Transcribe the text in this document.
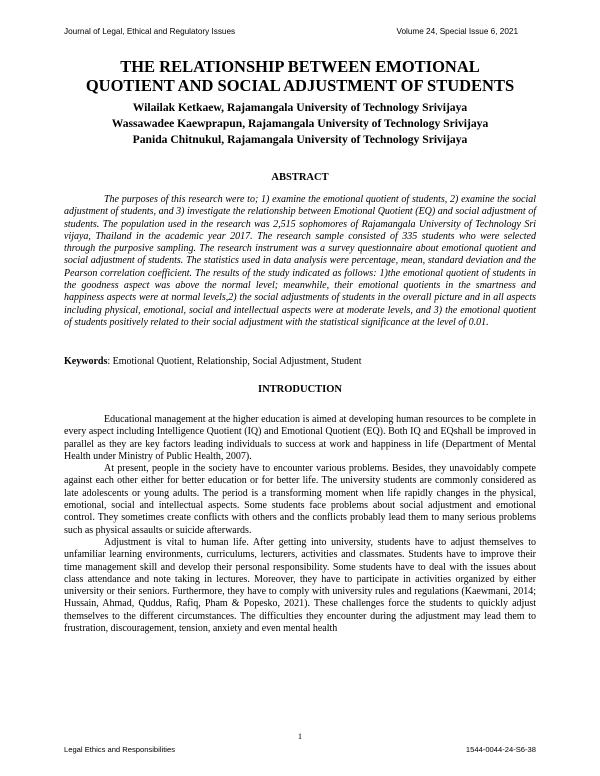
Journal of Legal, Ethical and Regulatory Issues	Volume 24, Special Issue 6, 2021
THE RELATIONSHIP BETWEEN EMOTIONAL
QUOTIENT AND SOCIAL ADJUSTMENT OF STUDENTS
Wilailak Ketkaew, Rajamangala University of Technology Srivijaya
Wassawadee Kaewprapun, Rajamangala University of Technology Srivijaya
Panida Chitnukul, Rajamangala University of Technology Srivijaya
ABSTRACT

The purposes of this research were to; 1) examine the emotional quotient of students, 2) examine the social adjustment of students, and 3) investigate the relationship between Emotional Quotient (EQ) and social adjustment of students. The population used in the research was 2,515 sophomores of Rajamangala University of Technology Sri vijaya, Thailand in the academic year 2017. The research sample consisted of 335 students who were selected through the purposive sampling. The research instrument was a survey questionnaire about emotional quotient and social adjustment of students. The statistics used in data analysis were percentage, mean, standard deviation and the Pearson correlation coefficient. The results of the study indicated as follows: 1)the emotional quotient of students in the goodness aspect was above the normal level; meanwhile, their emotional quotients in the smartness and happiness aspects were at normal levels,2) the social adjustments of students in the overall picture and in all aspects including physical, emotional, social and intellectual aspects were at moderate levels, and 3) the emotional quotient of students positively related to their social adjustment with the statistical significance at the level of 0.01.

Keywords: Emotional Quotient, Relationship, Social Adjustment, Student

INTRODUCTION

Educational management at the higher education is aimed at developing human resources to be complete in every aspect including Intelligence Quotient (IQ) and Emotional Quotient (EQ). Both IQ and EQshall be improved in parallel as they are key factors leading individuals to success at work and happiness in life (Department of Mental Health under Ministry of Public Health, 2007).

At present, people in the society have to encounter various problems. Besides, they unavoidably compete against each other either for better education or for better life. The university students are commonly considered as late adolescents or young adults. The period is a transforming moment when life rapidly changes in the physical, emotional, social and intellectual aspects. Some students face problems about social adjustment and emotional control. They sometimes create conflicts with others and the conflicts probably lead them to many serious problems such as physical assaults or suicide afterwards.

Adjustment is vital to human life. After getting into university, students have to adjust themselves to unfamiliar learning environments, curriculums, lecturers, activities and classmates. Students have to improve their time management skill and develop their personal responsibility. Some students have to deal with the issues about class attendance and note taking in lectures. Moreover, they have to participate in activities organized by either university or their seniors. Furthermore, they have to comply with university rules and regulations (Kaewmani, 2014; Hussain, Ahmad, Quddus, Rafiq, Pham & Popesko, 2021). These challenges force the students to quickly adjust themselves to the different circumstances. The difficulties they encounter during the adjustment may lead them to frustration, discouragement, tension, anxiety and even mental health

1
Legal Ethics and Responsibilities	1544-0044-24-S6-38
